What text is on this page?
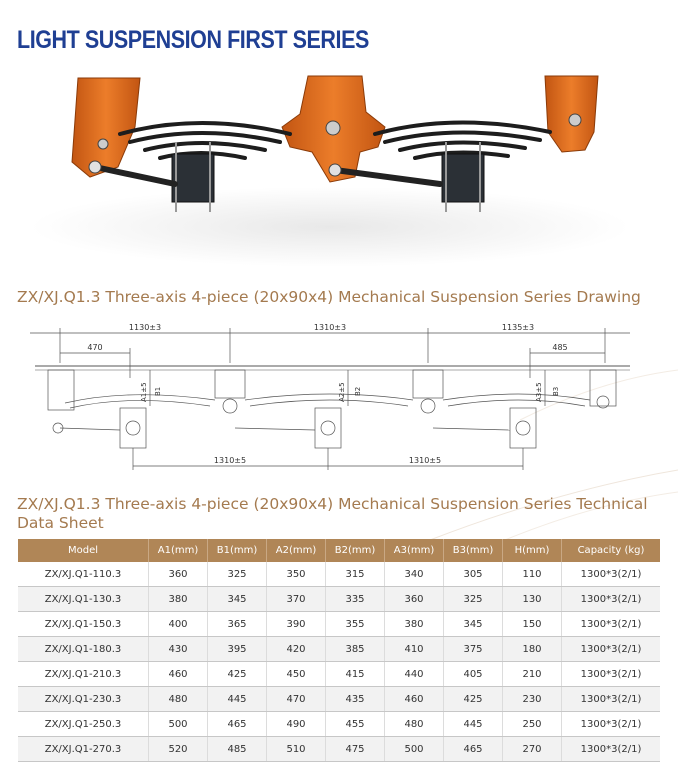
LIGHT SUSPENSION FIRST SERIES
ZX/XJ.Q1.3 Three-axis 4-piece (20x90x4) Mechanical Suspension Series Drawing
1130±3	1310±3	1135±3
470	485
1310±5	1310±5
A1±5	A2±5	A3±5
B1	B2	B3
ZX/XJ.Q1.3 Three-axis 4-piece (20x90x4) Mechanical Suspension Series Technical Data Sheet
Model	A1(mm)	B1(mm)	A2(mm)	B2(mm)	A3(mm)	B3(mm)	H(mm)	Capacity (kg)
ZX/XJ.Q1-110.3	360	325	350	315	340	305	110	1300*3(2/1)
ZX/XJ.Q1-130.3	380	345	370	335	360	325	130	1300*3(2/1)
ZX/XJ.Q1-150.3	400	365	390	355	380	345	150	1300*3(2/1)
ZX/XJ.Q1-180.3	430	395	420	385	410	375	180	1300*3(2/1)
ZX/XJ.Q1-210.3	460	425	450	415	440	405	210	1300*3(2/1)
ZX/XJ.Q1-230.3	480	445	470	435	460	425	230	1300*3(2/1)
ZX/XJ.Q1-250.3	500	465	490	455	480	445	250	1300*3(2/1)
ZX/XJ.Q1-270.3	520	485	510	475	500	465	270	1300*3(2/1)
